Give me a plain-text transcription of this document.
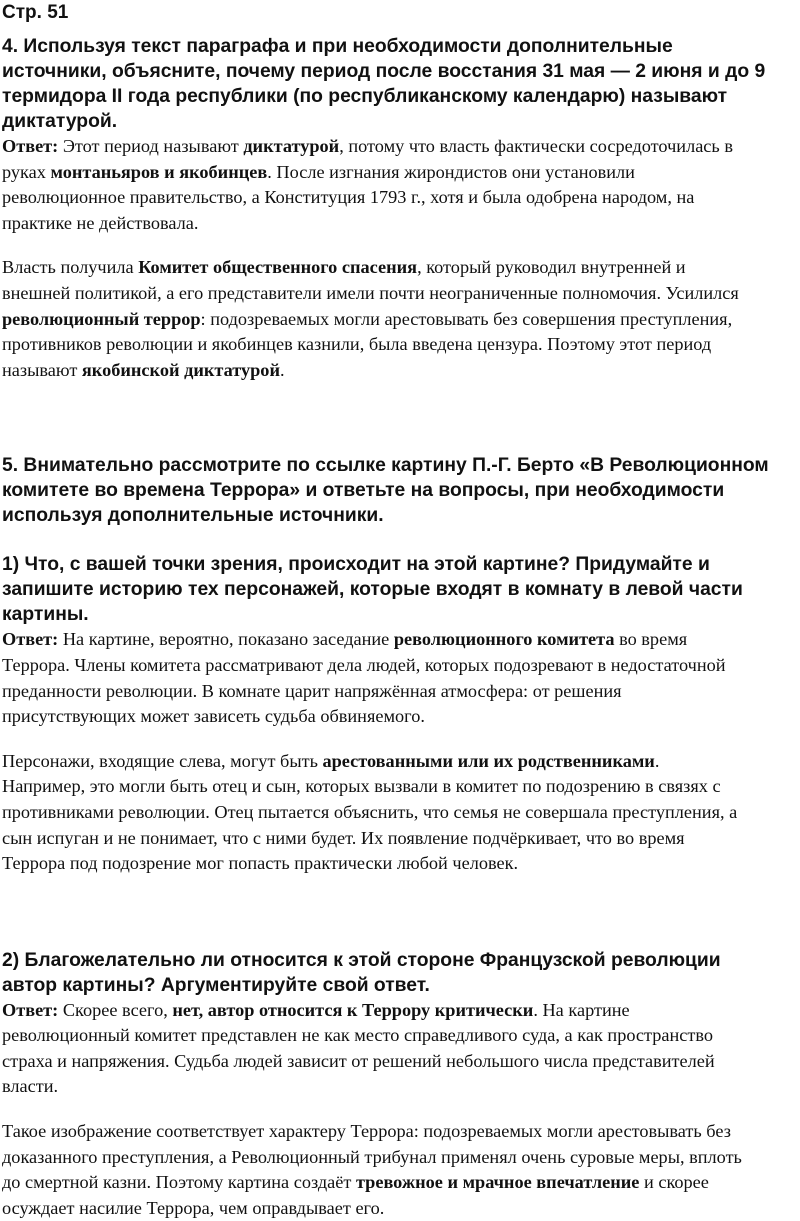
Стр. 51
4. Используя текст параграфа и при необходимости дополнительные
источники, объясните, почему период после восстания 31 мая — 2 июня и до 9
термидора II года республики (по республиканскому календарю) называют
диктатурой.
Ответ: Этот период называют диктатурой, потому что власть фактически сосредоточилась в
руках монтаньяров и якобинцев. После изгнания жирондистов они установили
революционное правительство, а Конституция 1793 г., хотя и была одобрена народом, на
практике не действовала.
Власть получила Комитет общественного спасения, который руководил внутренней и
внешней политикой, а его представители имели почти неограниченные полномочия. Усилился
революционный террор: подозреваемых могли арестовывать без совершения преступления,
противников революции и якобинцев казнили, была введена цензура. Поэтому этот период
называют якобинской диктатурой.
5. Внимательно рассмотрите по ссылке картину П.-Г. Берто «В Революционном
комитете во времена Террора» и ответьте на вопросы, при необходимости
используя дополнительные источники.
1) Что, с вашей точки зрения, происходит на этой картине? Придумайте и
запишите историю тех персонажей, которые входят в комнату в левой части
картины.
Ответ: На картине, вероятно, показано заседание революционного комитета во время
Террора. Члены комитета рассматривают дела людей, которых подозревают в недостаточной
преданности революции. В комнате царит напряжённая атмосфера: от решения
присутствующих может зависеть судьба обвиняемого.
Персонажи, входящие слева, могут быть арестованными или их родственниками.
Например, это могли быть отец и сын, которых вызвали в комитет по подозрению в связях с
противниками революции. Отец пытается объяснить, что семья не совершала преступления, а
сын испуган и не понимает, что с ними будет. Их появление подчёркивает, что во время
Террора под подозрение мог попасть практически любой человек.
2) Благожелательно ли относится к этой стороне Французской революции
автор картины? Аргументируйте свой ответ.
Ответ: Скорее всего, нет, автор относится к Террору критически. На картине
революционный комитет представлен не как место справедливого суда, а как пространство
страха и напряжения. Судьба людей зависит от решений небольшого числа представителей
власти.
Такое изображение соответствует характеру Террора: подозреваемых могли арестовывать без
доказанного преступления, а Революционный трибунал применял очень суровые меры, вплоть
до смертной казни. Поэтому картина создаёт тревожное и мрачное впечатление и скорее
осуждает насилие Террора, чем оправдывает его.
